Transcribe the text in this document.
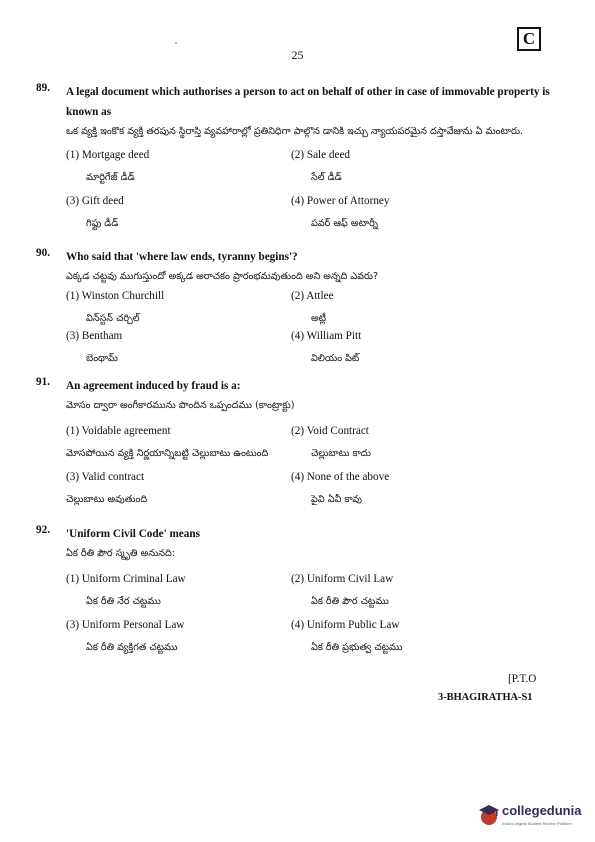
C
25
89. A legal document which authorises a person to act on behalf of other in case of immovable property is known as
ఒక వ్యక్తి ఇంకొక వ్యక్తి తరపున స్థిరాస్తి వ్యవహారాల్లో ప్రతినిధిగా పాల్గొన డానికి ఇచ్చు న్యాయపరమైన దస్తావేజును ఏ మంటారు.
(1) Mortgage deed
మార్టిగేజ్ డీడ్
(2) Sale deed
సేల్ డీడ్
(3) Gift deed
గిఫ్టు డీడ్
(4) Power of Attorney
పవర్ ఆఫ్ అటార్నీ
90. Who said that 'where law ends, tyranny begins'?
ఎక్కడ చట్టవు ముగుస్తుందో అక్కడ అరాచకం ప్రారంభమవుతుంది అని అన్నది ఎవరు?
(1) Winston Churchill
విన్‌స్టన్ చర్చిల్
(2) Attlee
అట్లీ
(3) Bentham
బెంథామ్
(4) William Pitt
విలియం పిట్
91. An agreement induced by fraud is a:
మోసం ద్వారా అంగీకారమును పొందిన ఒప్పందము (కాంట్రాక్టు)
(1) Voidable agreement
మోసపోయిన వ్యక్తి నిర్ణయాన్నిబట్టి చెల్లుబాటు ఉంటుంది
(2) Void Contract
చెల్లుబాటు కాదు
(3) Valid contract
చెల్లుబాటు అవుతుంది
(4) None of the above
పైవి ఏవీ కావు
92. 'Uniform Civil Code' means
ఏక రీతి పౌర స్మృతి అనునది:
(1) Uniform Criminal Law
ఏక రీతి నేర చట్టము
(2) Uniform Civil Law
ఏక రీతి పౌర చట్టము
(3) Uniform Personal Law
ఏక రీతి వ్యక్తిగత చట్టము
(4) Uniform Public Law
ఏక రీతి ప్రభుత్వ చట్టము
[P.T.O
3-BHAGIRATHA-S1
collegedunia
India's largest Student Review Platform
